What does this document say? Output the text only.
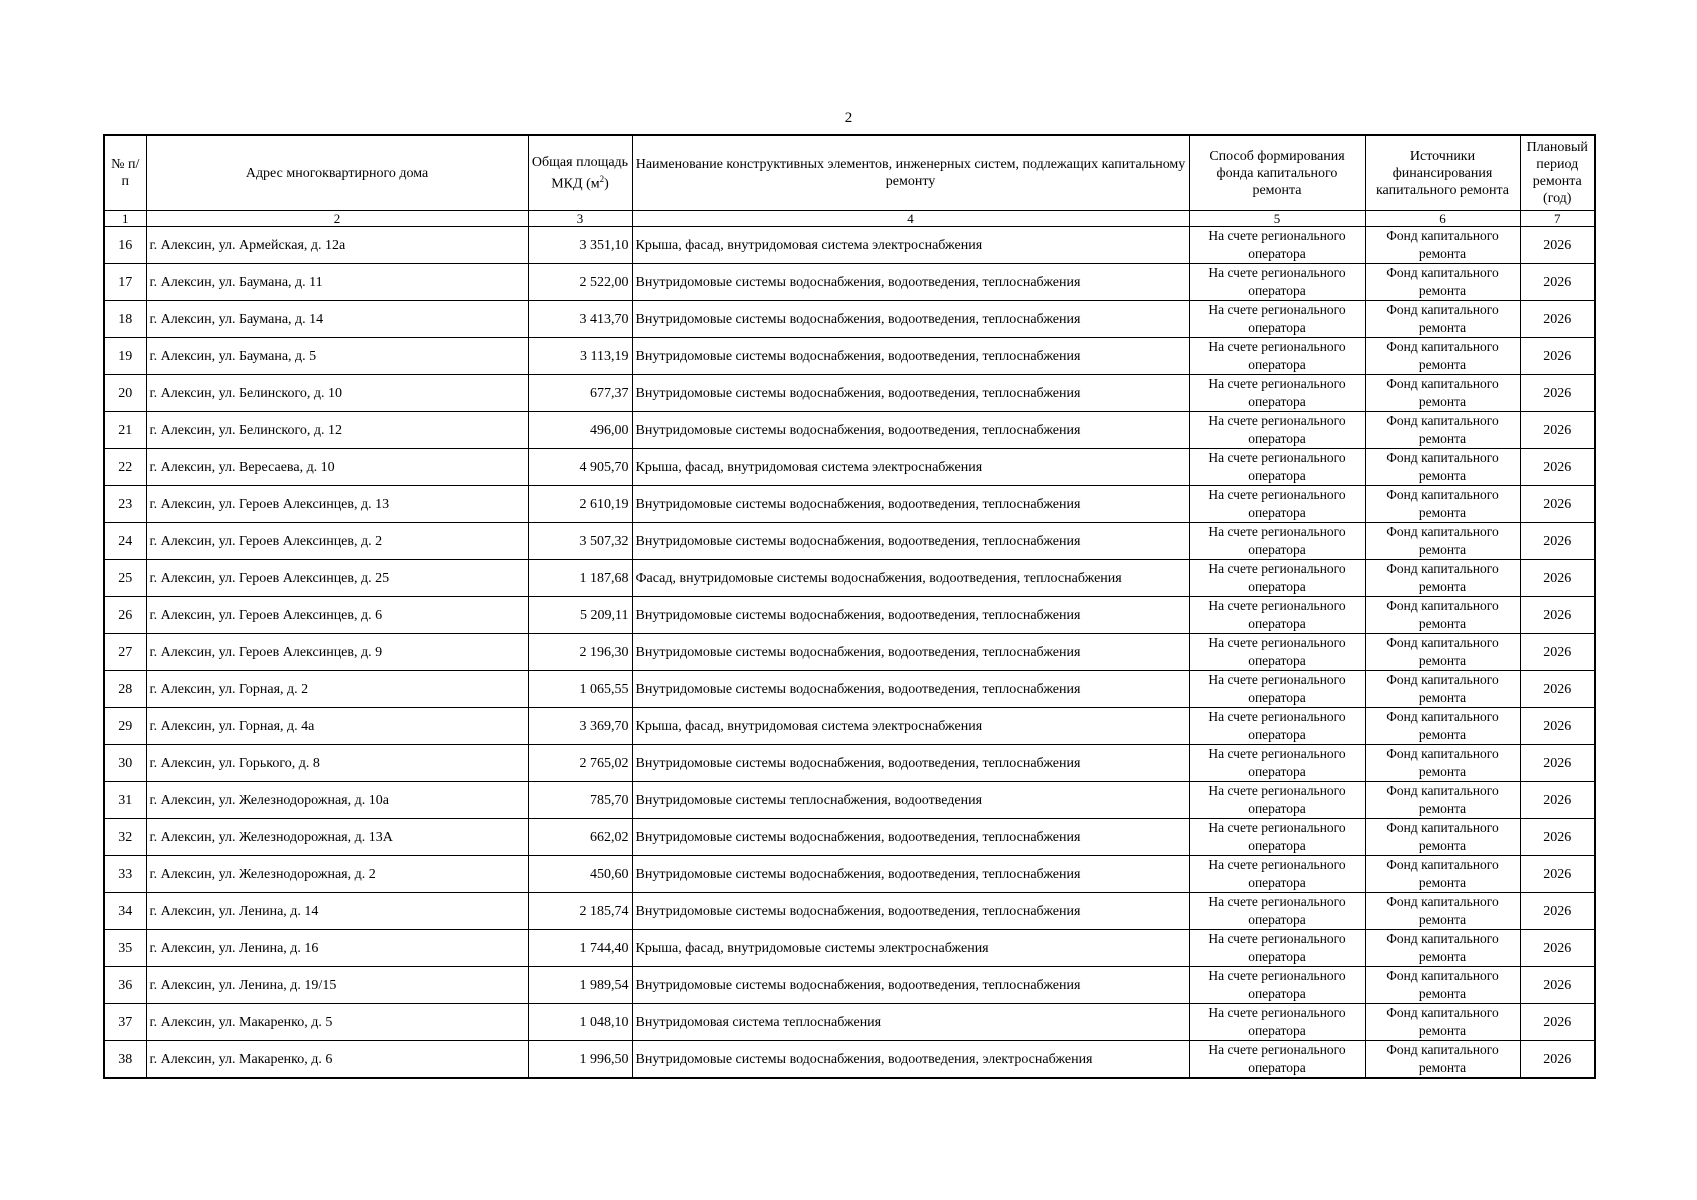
2
№ п/п	Адрес многоквартирного дома	Общая площадь МКД $(м^2)$	Наименование конструктивных элементов, инженерных систем, подлежащих капитальному ремонту	Способ формирования фонда капитального ремонта	Источники финансирования капитального ремонта	Плановый период ремонта (год)
1	2	3	4	5	6	7
16	г. Алексин, ул. Армейская, д. 12а	3 351,10	Крыша, фасад, внутридомовая система электроснабжения	На счете регионального оператора	Фонд капитального ремонта	2026
17	г. Алексин, ул. Баумана, д. 11	2 522,00	Внутридомовые системы водоснабжения, водоотведения, теплоснабжения	На счете регионального оператора	Фонд капитального ремонта	2026
18	г. Алексин, ул. Баумана, д. 14	3 413,70	Внутридомовые системы водоснабжения, водоотведения, теплоснабжения	На счете регионального оператора	Фонд капитального ремонта	2026
19	г. Алексин, ул. Баумана, д. 5	3 113,19	Внутридомовые системы водоснабжения, водоотведения, теплоснабжения	На счете регионального оператора	Фонд капитального ремонта	2026
20	г. Алексин, ул. Белинского, д. 10	677,37	Внутридомовые системы водоснабжения, водоотведения, теплоснабжения	На счете регионального оператора	Фонд капитального ремонта	2026
21	г. Алексин, ул. Белинского, д. 12	496,00	Внутридомовые системы водоснабжения, водоотведения, теплоснабжения	На счете регионального оператора	Фонд капитального ремонта	2026
22	г. Алексин, ул. Вересаева, д. 10	4 905,70	Крыша, фасад, внутридомовая система электроснабжения	На счете регионального оператора	Фонд капитального ремонта	2026
23	г. Алексин, ул. Героев Алексинцев, д. 13	2 610,19	Внутридомовые системы водоснабжения, водоотведения, теплоснабжения	На счете регионального оператора	Фонд капитального ремонта	2026
24	г. Алексин, ул. Героев Алексинцев, д. 2	3 507,32	Внутридомовые системы водоснабжения, водоотведения, теплоснабжения	На счете регионального оператора	Фонд капитального ремонта	2026
25	г. Алексин, ул. Героев Алексинцев, д. 25	1 187,68	Фасад, внутридомовые системы водоснабжения, водоотведения, теплоснабжения	На счете регионального оператора	Фонд капитального ремонта	2026
26	г. Алексин, ул. Героев Алексинцев, д. 6	5 209,11	Внутридомовые системы водоснабжения, водоотведения, теплоснабжения	На счете регионального оператора	Фонд капитального ремонта	2026
27	г. Алексин, ул. Героев Алексинцев, д. 9	2 196,30	Внутридомовые системы водоснабжения, водоотведения, теплоснабжения	На счете регионального оператора	Фонд капитального ремонта	2026
28	г. Алексин, ул. Горная, д. 2	1 065,55	Внутридомовые системы водоснабжения, водоотведения, теплоснабжения	На счете регионального оператора	Фонд капитального ремонта	2026
29	г. Алексин, ул. Горная, д. 4а	3 369,70	Крыша, фасад, внутридомовая система электроснабжения	На счете регионального оператора	Фонд капитального ремонта	2026
30	г. Алексин, ул. Горького, д. 8	2 765,02	Внутридомовые системы водоснабжения, водоотведения, теплоснабжения	На счете регионального оператора	Фонд капитального ремонта	2026
31	г. Алексин, ул. Железнодорожная, д. 10а	785,70	Внутридомовые системы теплоснабжения, водоотведения	На счете регионального оператора	Фонд капитального ремонта	2026
32	г. Алексин, ул. Железнодорожная, д. 13А	662,02	Внутридомовые системы водоснабжения, водоотведения, теплоснабжения	На счете регионального оператора	Фонд капитального ремонта	2026
33	г. Алексин, ул. Железнодорожная, д. 2	450,60	Внутридомовые системы водоснабжения, водоотведения, теплоснабжения	На счете регионального оператора	Фонд капитального ремонта	2026
34	г. Алексин, ул. Ленина, д. 14	2 185,74	Внутридомовые системы водоснабжения, водоотведения, теплоснабжения	На счете регионального оператора	Фонд капитального ремонта	2026
35	г. Алексин, ул. Ленина, д. 16	1 744,40	Крыша, фасад, внутридомовые системы электроснабжения	На счете регионального оператора	Фонд капитального ремонта	2026
36	г. Алексин, ул. Ленина, д. 19/15	1 989,54	Внутридомовые системы водоснабжения, водоотведения, теплоснабжения	На счете регионального оператора	Фонд капитального ремонта	2026
37	г. Алексин, ул. Макаренко, д. 5	1 048,10	Внутридомовая система теплоснабжения	На счете регионального оператора	Фонд капитального ремонта	2026
38	г. Алексин, ул. Макаренко, д. 6	1 996,50	Внутридомовые системы водоснабжения, водоотведения, электроснабжения	На счете регионального оператора	Фонд капитального ремонта	2026
